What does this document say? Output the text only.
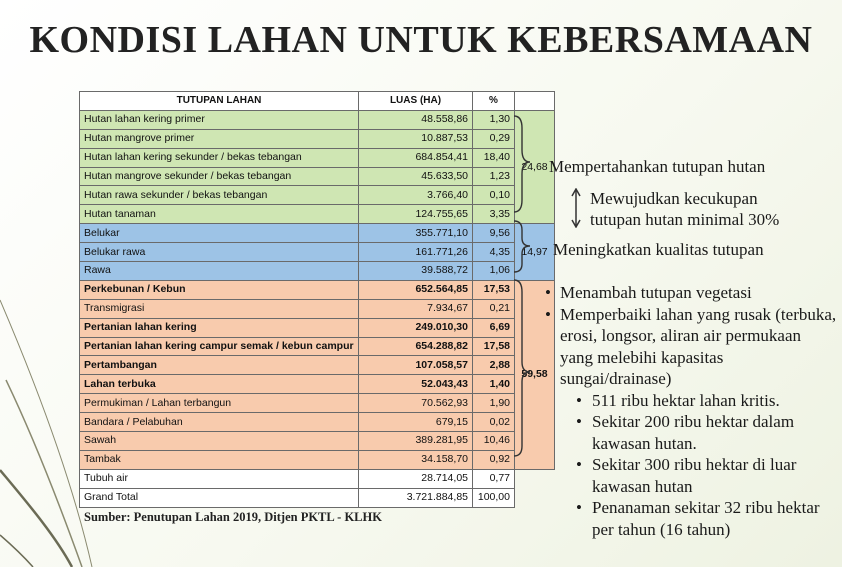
KONDISI LAHAN UNTUK KEBERSAMAAN
TUTUPAN LAHAN	LUAS (HA)	%	
Hutan lahan kering primer	48.558,86	1,30	24,68
Hutan mangrove primer	10.887,53	0,29	
Hutan lahan kering sekunder / bekas tebangan	684.854,41	18,40	
Hutan mangrove sekunder / bekas tebangan	45.633,50	1,23	
Hutan rawa sekunder / bekas tebangan	3.766,40	0,10	
Hutan tanaman	124.755,65	3,35	
Belukar	355.771,10	9,56	14,97
Belukar rawa	161.771,26	4,35	
Rawa	39.588,72	1,06	
Perkebunan / Kebun	652.564,85	17,53	59,58
Transmigrasi	7.934,67	0,21	
Pertanian lahan kering	249.010,30	6,69	
Pertanian lahan kering campur semak / kebun campur	654.288,82	17,58	
Pertambangan	107.058,57	2,88	
Lahan terbuka	52.043,43	1,40	
Permukiman / Lahan terbangun	70.562,93	1,90	
Bandara / Pelabuhan	679,15	0,02	
Sawah	389.281,95	10,46	
Tambak	34.158,70	0,92	
Tubuh air	28.714,05	0,77	
Grand Total	3.721.884,85	100,00	
Sumber: Penutupan Lahan 2019, Ditjen PKTL - KLHK
Mempertahankan tutupan hutan
Mewujudkan kecukupan
tutupan hutan minimal 30%
Meningkatkan kualitas tutupan
• Menambah tutupan vegetasi
• Memperbaiki lahan yang rusak (terbuka, erosi, longsor, aliran air permukaan yang melebihi kapasitas sungai/drainase)
• 511 ribu hektar lahan kritis.
• Sekitar 200 ribu hektar dalam kawasan hutan.
• Sekitar 300 ribu hektar di luar kawasan hutan
• Penanaman sekitar 32 ribu hektar per tahun (16 tahun)
